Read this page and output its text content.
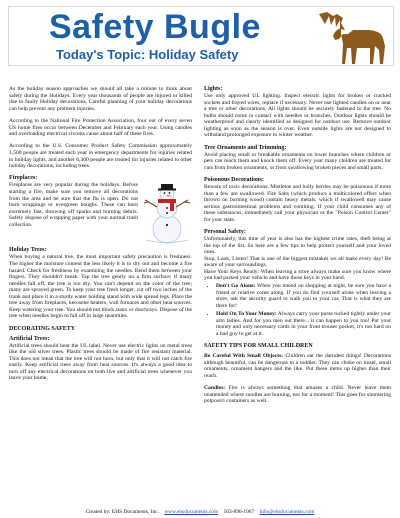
Safety Bugle
Today's Topic: Holiday Safety

As the holiday season approaches we should all take a minute to think about safety during the Holidays. Every year thousands of people are injured or killed due to faulty Holiday decorations. Careful planning of your holiday decorations can help prevent any problem injuries.

According to the National Fire Protection Association, four out of every seven US home fires occur between December and February each year. Using candles and overloading electrical circuits cause about half of these fires.

According to the U.S. Consumer Product Safety Commission approximately 1,500 people are treated each year in emergency departments for injuries related to holiday lights, and another 6,300 people are treated for injuries related to other holiday decorations, including trees.

Fireplaces:

Fireplaces are very popular during the holidays. Before starting a fire, make sure you remove all decorations from the area and be sure that the flu is open. Do not burn wrappings or evergreen boughs. These can burn extremely fast, throwing off sparks and burning debris. Safely dispose of wrapping paper with your normal trash collection.

Holiday Trees:

When buying a natural tree, the most important safety precaution is freshness. The higher the moisture content the less likely it is to dry out and become a fire hazard. Check for freshness by examining the needles. Bend them between your fingers. They shouldn't break. Tap the tree gently on a firm surface; if many needles fall off, the tree is too dry. You can't depend on the color of the tree; many are sprayed green. To keep your tree fresh longer, cut off two inches of the trunk and place it in a sturdy water holding stand with wide spread legs. Place the tree away from fireplaces, kerosene heaters, wall furnaces and other heat sources. Keep watering your tree. You should not block stairs or doorways. Dispose of the tree when needles begin to fall off in large quantities.

DECORATING SAFETY

Artificial Trees:

Artificial trees should bear the UL label. Never use electric lights on metal trees like the old silver trees. Plastic trees should be made of fire resistant material. This does not mean that the tree will not burn, but only that it will not catch fire easily. Keep artificial trees away from heat sources. It's always a good idea to turn off any electrical decorations on both live and artificial trees whenever you leave your home.

Lights:

Use only approved UL lighting. Inspect electric lights for broken or cracked sockets and frayed wires, replace if necessary. Never use lighted candles on or near a tree or other decorations. All lights should be securely fastened to the tree. No bulbs should come in contact with needles or branches. Outdoor lights should be weatherproof and clearly identified as designed for outdoor use. Remove outdoor lighting as soon as the season is over. Even outside lights are not designed to withstand prolonged exposure to winter weather.

Tree Ornaments and Trimming:

Avoid placing small or breakable ornaments on lower branches where children or pets can reach them and knock them off. Every year many children are treated for cuts from broken ornaments, or from swallowing broken pieces and small parts.

Poisonous Decorations:

Beware of toxic decorations. Mistletoe and holly berries may be poisonous if more than a few are swallowed. Fire Salts (which produce a multicolored effect when thrown on burning wood) contain heavy metals, which if swallowed may cause serious gastrointestinal problems and vomiting. If your child consumes any of these substances, immediately call your physician or the "Poison Control Center" for your state.

Personal Safety:

Unfortunately, this time of year is also has the highest crime rates, theft being at the top of the list. So here are a few tips to help protect yourself and your loved ones.

Stop, Look, Listen! That is one of the biggest mistakes we all make every day! Be aware of your surroundings.

Have Your Keys Ready: When leaving a store always make sure you know where you had parked your vehicle and have those keys in your hand.

• Don't Go Alone: When you intend on shopping at night, be sure you have a friend or relative come along. If you do find yourself alone when leaving a store, ask the security guard to walk you to your car. That is what they are there for!
• Hold On To Your Money: Always carry your purse tucked tightly under your arm ladies. And for you men out there... it can happen to you too! Put your money and only necessary cards in your front trouser pocket, it's too hard on a bad guy to get at it.
SAFETY TIPS FOR SMALL CHILDREN

Be Careful With Small Objects: Children eat the darndest things! Decorations although beautiful, can be dangerous to a toddler. They can choke on tinsel, small ornaments, ornament hangers and the like. Put these items up higher than their reach.

Candles: Fire is always something that amazes a child. Never leave them unattended where candles are burning, not for a moment! This goes for simmering potpourri containers as well.

Created by: EHS Documents, Inc. www.ehsdocuments.com 503-896-1967 info@ehsdocuments.com
